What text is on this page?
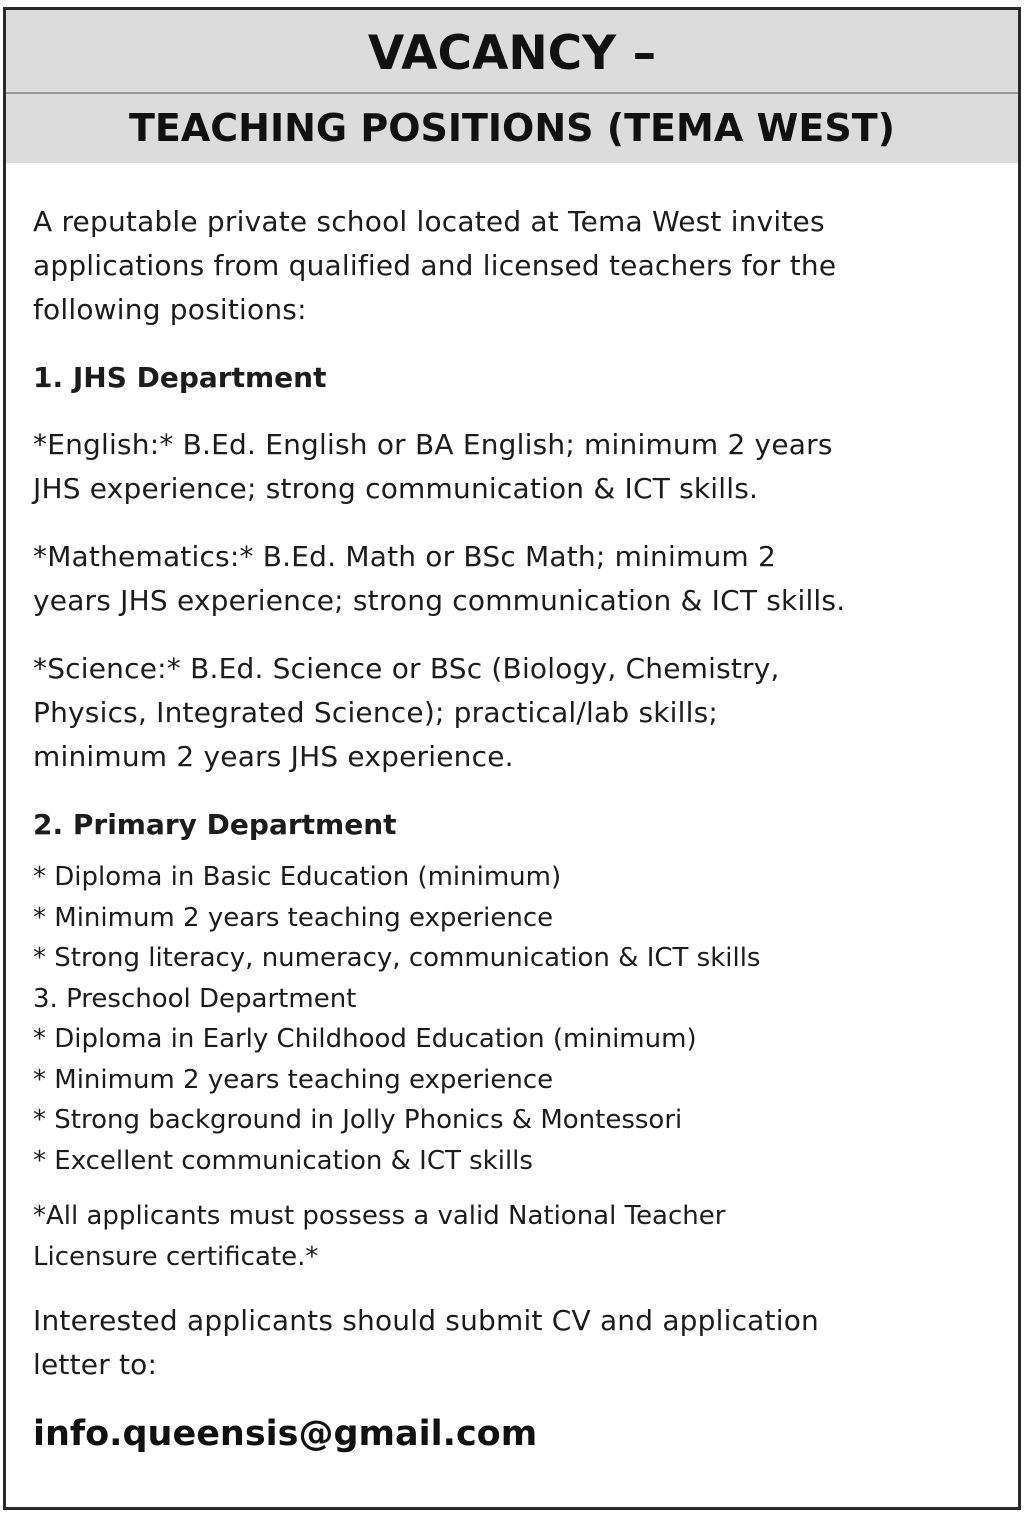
VACANCY –
TEACHING POSITIONS (TEMA WEST)

A reputable private school located at Tema West invites
applications from qualified and licensed teachers for the
following positions:

1. JHS Department

*English:* B.Ed. English or BA English; minimum 2 years
JHS experience; strong communication & ICT skills.

*Mathematics:* B.Ed. Math or BSc Math; minimum 2
years JHS experience; strong communication & ICT skills.

*Science:* B.Ed. Science or BSc (Biology, Chemistry,
Physics, Integrated Science); practical/lab skills;
minimum 2 years JHS experience.

2. Primary Department

* Diploma in Basic Education (minimum)
* Minimum 2 years teaching experience
* Strong literacy, numeracy, communication & ICT skills
3. Preschool Department
* Diploma in Early Childhood Education (minimum)
* Minimum 2 years teaching experience
* Strong background in Jolly Phonics & Montessori
* Excellent communication & ICT skills

*All applicants must possess a valid National Teacher
Licensure certificate.*

Interested applicants should submit CV and application
letter to:

info.queensis@gmail.com
